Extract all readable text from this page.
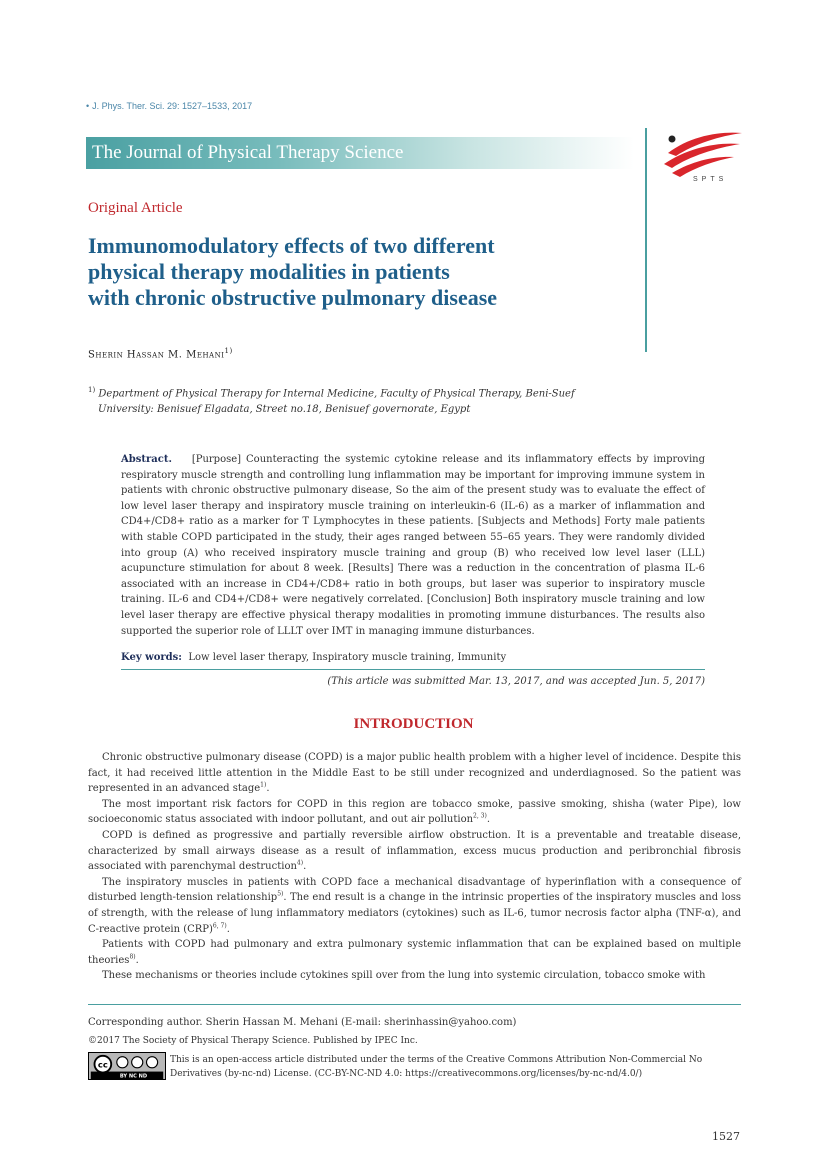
• J. Phys. Ther. Sci. 29: 1527–1533, 2017
The Journal of Physical Therapy Science
SPTS
Original Article
Immunomodulatory effects of two different
physical therapy modalities in patients
with chronic obstructive pulmonary disease
Sherin Hassan M. Mehani$^{1)}$
$^{1)}$ Department of Physical Therapy for Internal Medicine, Faculty of Physical Therapy, Beni-Suef
University: Benisuef Elgadata, Street no.18, Benisuef governorate, Egypt
Abstract. [Purpose] Counteracting the systemic cytokine release and its inflammatory effects by improving respiratory muscle strength and controlling lung inflammation may be important for improving immune system in patients with chronic obstructive pulmonary disease, So the aim of the present study was to evaluate the effect of low level laser therapy and inspiratory muscle training on interleukin-6 (IL-6) as a marker of inflammation and CD4+/CD8+ ratio as a marker for T Lymphocytes in these patients. [Subjects and Methods] Forty male patients with stable COPD participated in the study, their ages ranged between 55–65 years. They were randomly divided into group (A) who received inspiratory muscle training and group (B) who received low level laser (LLL) acupuncture stimulation for about 8 week. [Results] There was a reduction in the concentration of plasma IL-6 associated with an increase in CD4+/CD8+ ratio in both groups, but laser was superior to inspiratory muscle training. IL-6 and CD4+/CD8+ were negatively correlated. [Conclusion] Both inspiratory muscle training and low level laser therapy are effective physical therapy modalities in promoting immune disturbances. The results also supported the superior role of LLLT over IMT in managing immune disturbances.
Key words: Low level laser therapy, Inspiratory muscle training, Immunity
(This article was submitted Mar. 13, 2017, and was accepted Jun. 5, 2017)
INTRODUCTION

Chronic obstructive pulmonary disease (COPD) is a major public health problem with a higher level of incidence. Despite this fact, it had received little attention in the Middle East to be still under recognized and underdiagnosed. So the patient was represented in an advanced stage$^{1)}$.

The most important risk factors for COPD in this region are tobacco smoke, passive smoking, shisha (water Pipe), low socioeconomic status associated with indoor pollutant, and out air pollution$^{2, 3)}$.

COPD is defined as progressive and partially reversible airflow obstruction. It is a preventable and treatable disease, characterized by small airways disease as a result of inflammation, excess mucus production and peribronchial fibrosis associated with parenchymal destruction$^{4)}$.

The inspiratory muscles in patients with COPD face a mechanical disadvantage of hyperinflation with a consequence of disturbed length-tension relationship$^{5)}$. The end result is a change in the intrinsic properties of the inspiratory muscles and loss of strength, with the release of lung inflammatory mediators (cytokines) such as IL-6, tumor necrosis factor alpha (TNF-α), and C-reactive protein (CRP)$^{6, 7)}$.

Patients with COPD had pulmonary and extra pulmonary systemic inflammation that can be explained based on multiple theories$^{8)}$.

These mechanisms or theories include cytokines spill over from the lung into systemic circulation, tobacco smoke with

Corresponding author. Sherin Hassan M. Mehani (E-mail: sherinhassin@yahoo.com)
©2017 The Society of Physical Therapy Science. Published by IPEC Inc.
cc
BY NC ND
This is an open-access article distributed under the terms of the Creative Commons Attribution Non-Commercial No Derivatives (by-nc-nd) License. (CC-BY-NC-ND 4.0: https://creativecommons.org/licenses/by-nc-nd/4.0/)
1527
